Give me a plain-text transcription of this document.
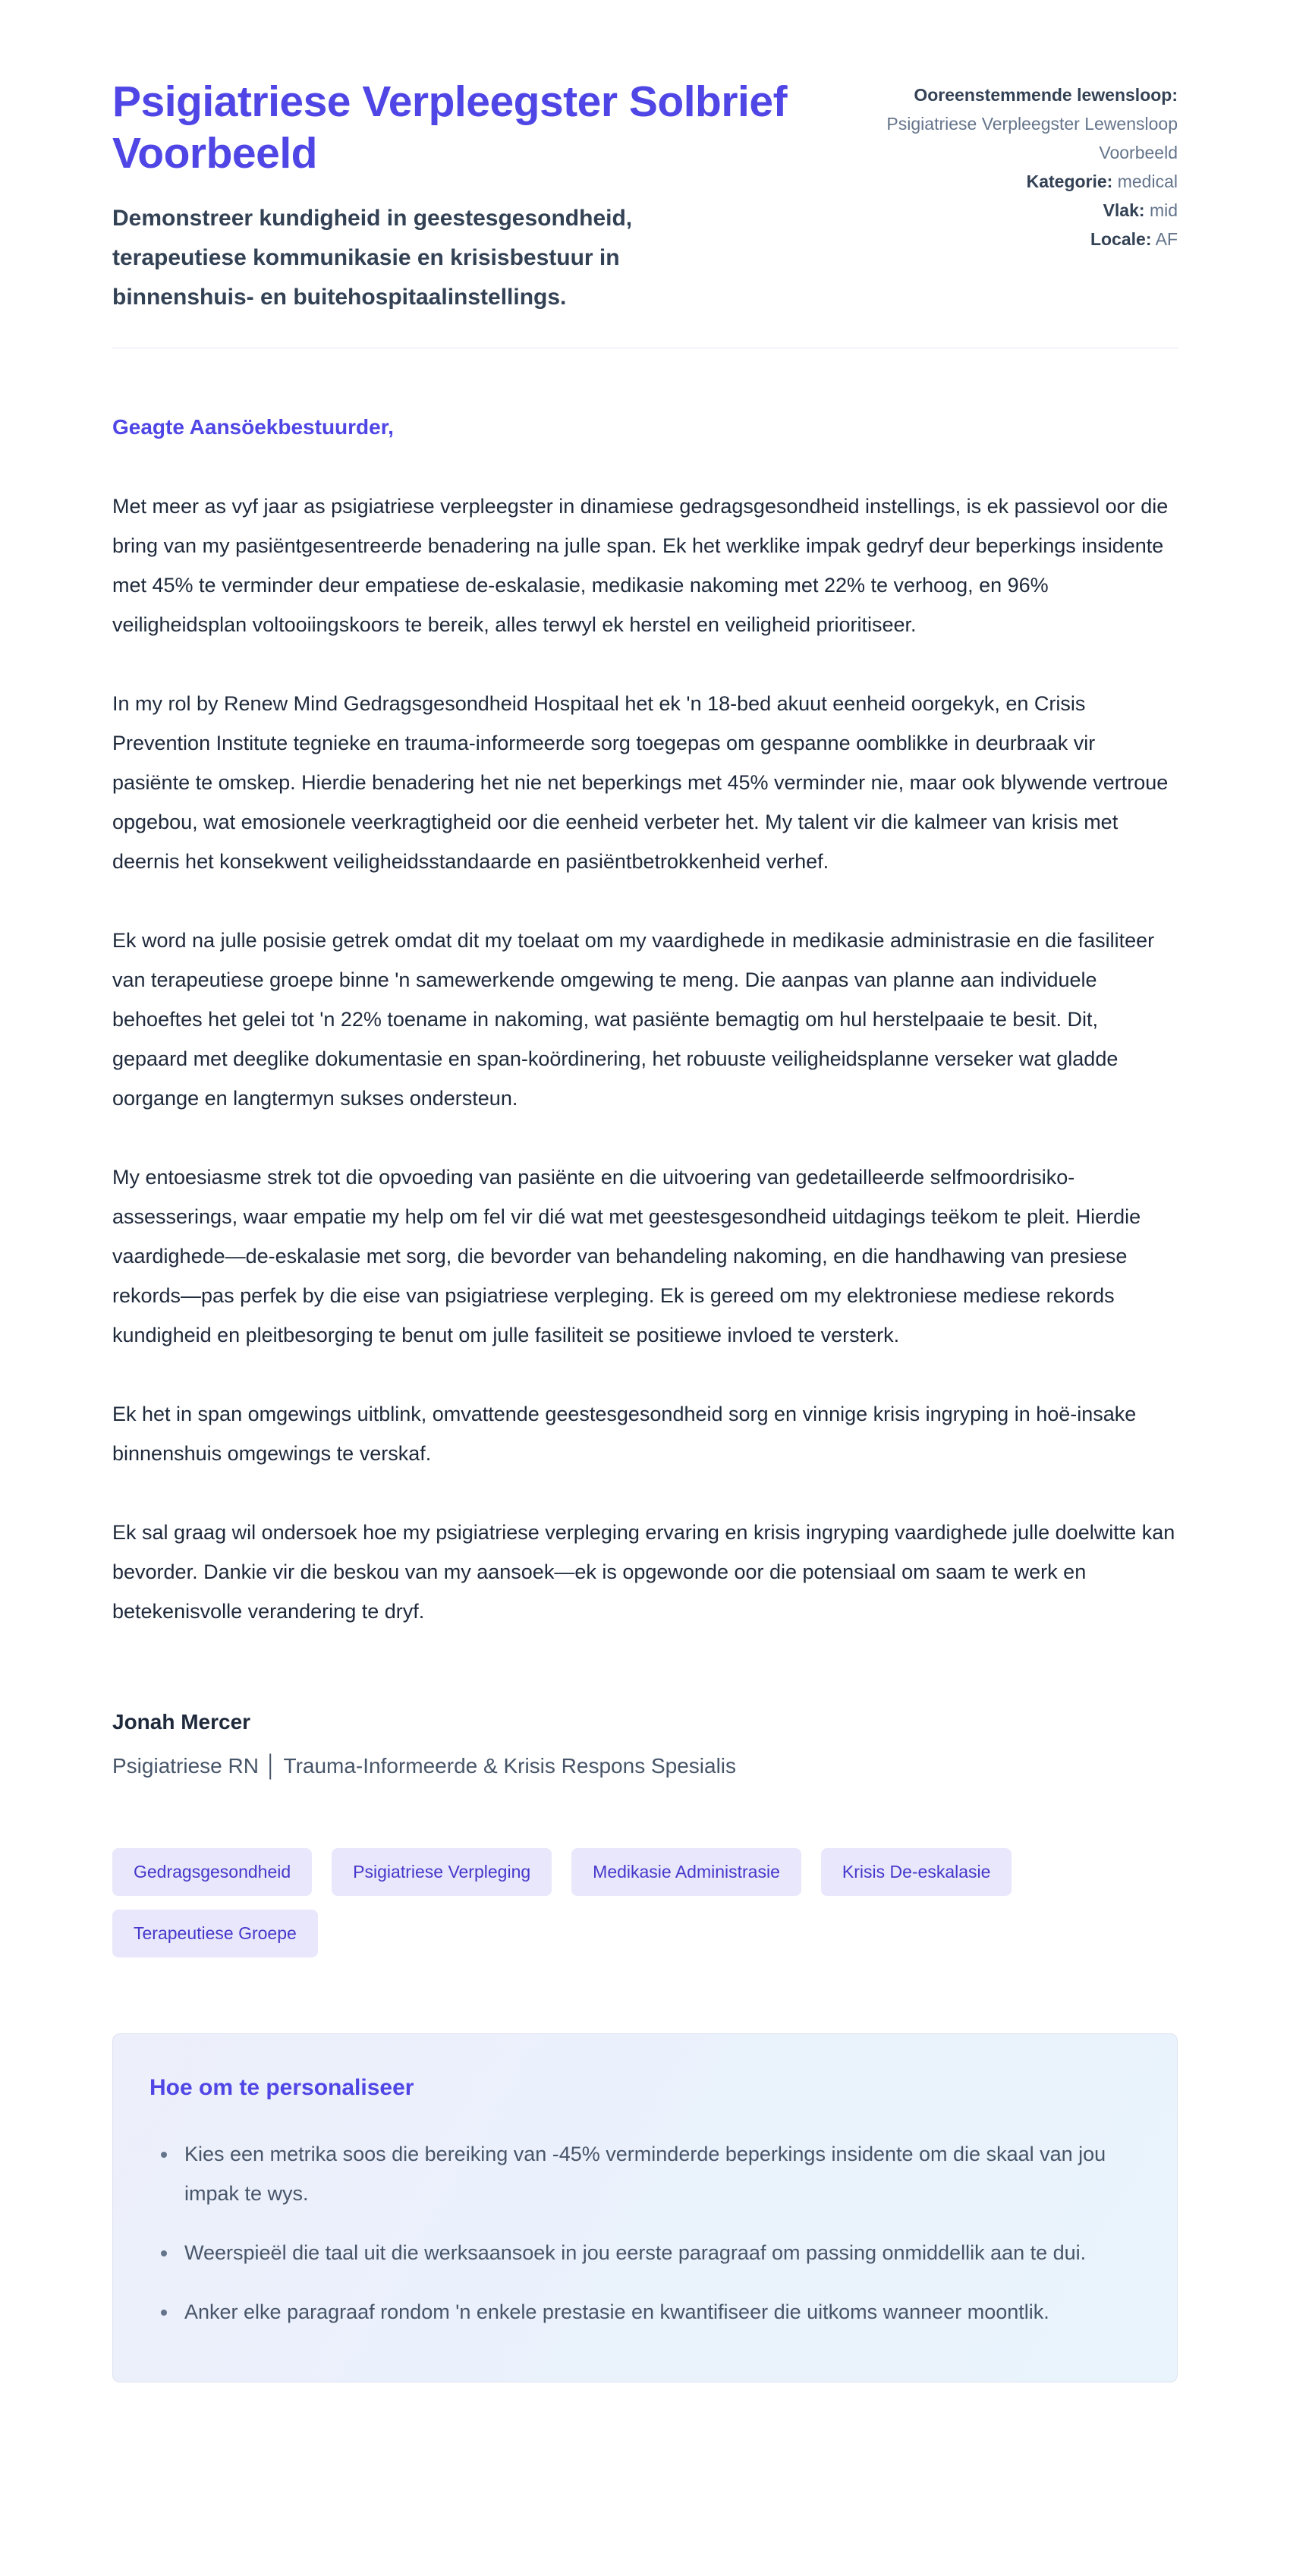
Psigiatriese Verpleegster Solbrief Voorbeeld
Demonstreer kundigheid in geestesgesondheid, terapeutiese kommunikasie en krisisbestuur in binnenshuis- en buitehospitaalinstellings.
Ooreenstemmende lewensloop:
Psigiatriese Verpleegster Lewensloop Voorbeeld
Kategorie: medical
Vlak: mid
Locale: AF
Geagte Aansöekbestuurder,

Met meer as vyf jaar as psigiatriese verpleegster in dinamiese gedragsgesondheid instellings, is ek passievol oor die bring van my pasiëntgesentreerde benadering na julle span. Ek het werklike impak gedryf deur beperkings insidente met 45% te verminder deur empatiese de-eskalasie, medikasie nakoming met 22% te verhoog, en 96% veiligheidsplan voltooiingskoors te bereik, alles terwyl ek herstel en veiligheid prioritiseer.

In my rol by Renew Mind Gedragsgesondheid Hospitaal het ek 'n 18-bed akuut eenheid oorgekyk, en Crisis Prevention Institute tegnieke en trauma-informeerde sorg toegepas om gespanne oomblikke in deurbraak vir pasiënte te omskep. Hierdie benadering het nie net beperkings met 45% verminder nie, maar ook blywende vertroue opgebou, wat emosionele veerkragtigheid oor die eenheid verbeter het. My talent vir die kalmeer van krisis met deernis het konsekwent veiligheidsstandaarde en pasiëntbetrokkenheid verhef.

Ek word na julle posisie getrek omdat dit my toelaat om my vaardighede in medikasie administrasie en die fasiliteer van terapeutiese groepe binne 'n samewerkende omgewing te meng. Die aanpas van planne aan individuele behoeftes het gelei tot 'n 22% toename in nakoming, wat pasiënte bemagtig om hul herstelpaaie te besit. Dit, gepaard met deeglike dokumentasie en span-koördinering, het robuuste veiligheidsplanne verseker wat gladde oorgange en langtermyn sukses ondersteun.

My entoesiasme strek tot die opvoeding van pasiënte en die uitvoering van gedetailleerde selfmoordrisiko-assesserings, waar empatie my help om fel vir dié wat met geestesgesondheid uitdagings teëkom te pleit. Hierdie vaardighede—de-eskalasie met sorg, die bevorder van behandeling nakoming, en die handhawing van presiese rekords—pas perfek by die eise van psigiatriese verpleging. Ek is gereed om my elektroniese mediese rekords kundigheid en pleitbesorging te benut om julle fasiliteit se positiewe invloed te versterk.

Ek het in span omgewings uitblink, omvattende geestesgesondheid sorg en vinnige krisis ingryping in hoë-insake binnenshuis omgewings te verskaf.

Ek sal graag wil ondersoek hoe my psigiatriese verpleging ervaring en krisis ingryping vaardighede julle doelwitte kan bevorder. Dankie vir die beskou van my aansoek—ek is opgewonde oor die potensiaal om saam te werk en betekenisvolle verandering te dryf.

Jonah Mercer
Psigiatriese RN │ Trauma-Informeerde & Krisis Respons Spesialis
Gedragsgesondheid	Psigiatriese Verpleging	Medikasie Administrasie	Krisis De-eskalasie
Terapeutiese Groepe
Hoe om te personaliseer
• Kies een metrika soos die bereiking van -45% verminderde beperkings insidente om die skaal van jou impak te wys.
• Weerspieël die taal uit die werksaansoek in jou eerste paragraaf om passing onmiddellik aan te dui.
• Anker elke paragraaf rondom 'n enkele prestasie en kwantifiseer die uitkoms wanneer moontlik.
